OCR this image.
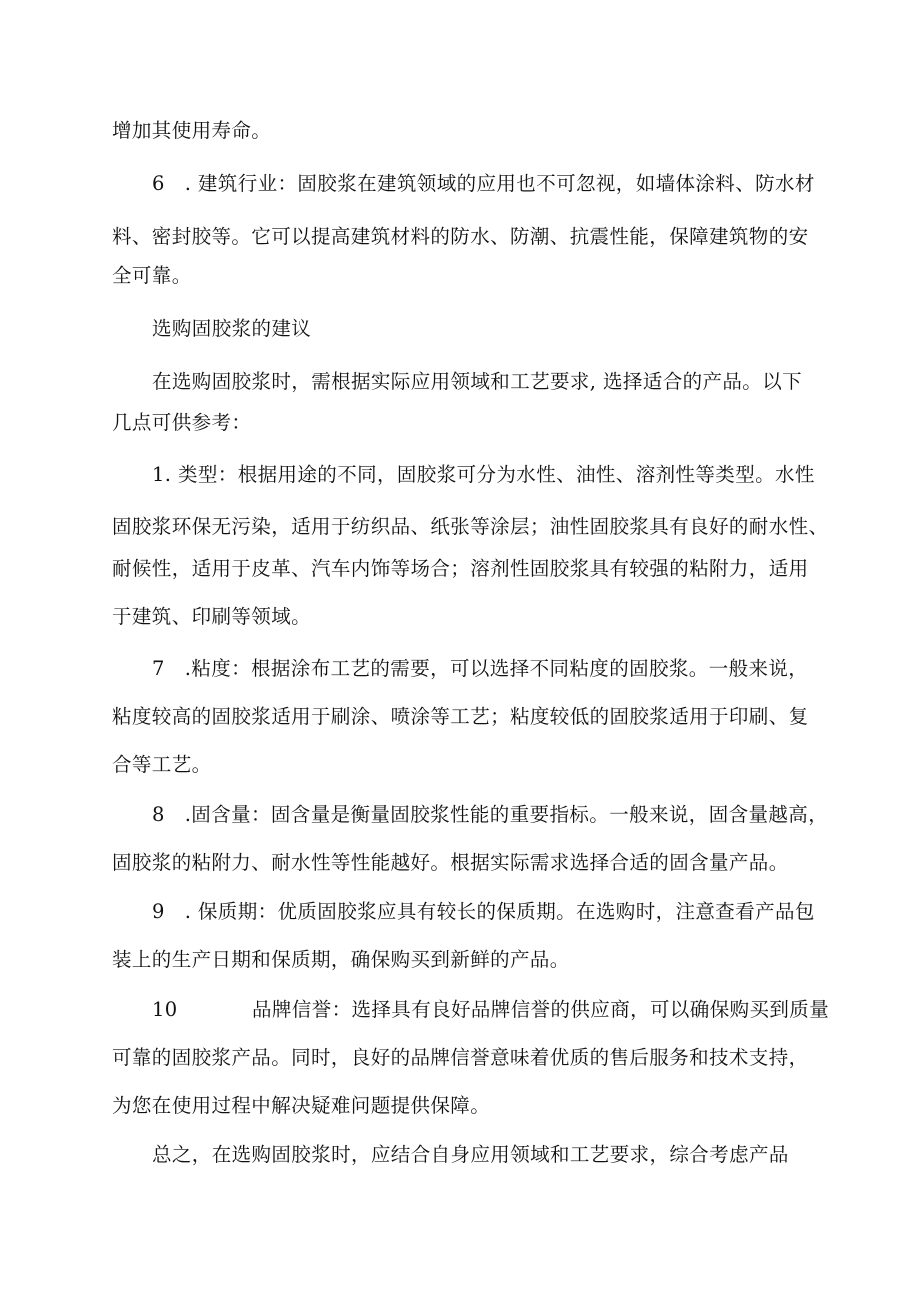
增加其使用寿命。
6 . 建筑行业：固胶浆在建筑领域的应用也不可忽视，如墙体涂料、防水材
料、密封胶等。它可以提高建筑材料的防水、防潮、抗震性能，保障建筑物的安
全可靠。
选购固胶浆的建议
在选购固胶浆时，需根据实际应用领域和工艺要求, 选择适合的产品。以下
几点可供参考：
1. 类型：根据用途的不同，固胶浆可分为水性、油性、溶剂性等类型。水性
固胶浆环保无污染，适用于纺织品、纸张等涂层；油性固胶浆具有良好的耐水性、
耐候性，适用于皮革、汽车内饰等场合；溶剂性固胶浆具有较强的粘附力，适用
于建筑、印刷等领域。
7 .粘度：根据涂布工艺的需要，可以选择不同粘度的固胶浆。一般来说，
粘度较高的固胶浆适用于刷涂、喷涂等工艺；粘度较低的固胶浆适用于印刷、复
合等工艺。
8 .固含量：固含量是衡量固胶浆性能的重要指标。一般来说，固含量越高，
固胶浆的粘附力、耐水性等性能越好。根据实际需求选择合适的固含量产品。
9 . 保质期：优质固胶浆应具有较长的保质期。在选购时，注意查看产品包
装上的生产日期和保质期，确保购买到新鲜的产品。
10	品牌信誉：选择具有良好品牌信誉的供应商，可以确保购买到质量
可靠的固胶浆产品。同时，良好的品牌信誉意味着优质的售后服务和技术支持，
为您在使用过程中解决疑难问题提供保障。
总之，在选购固胶浆时，应结合自身应用领域和工艺要求，综合考虑产品
